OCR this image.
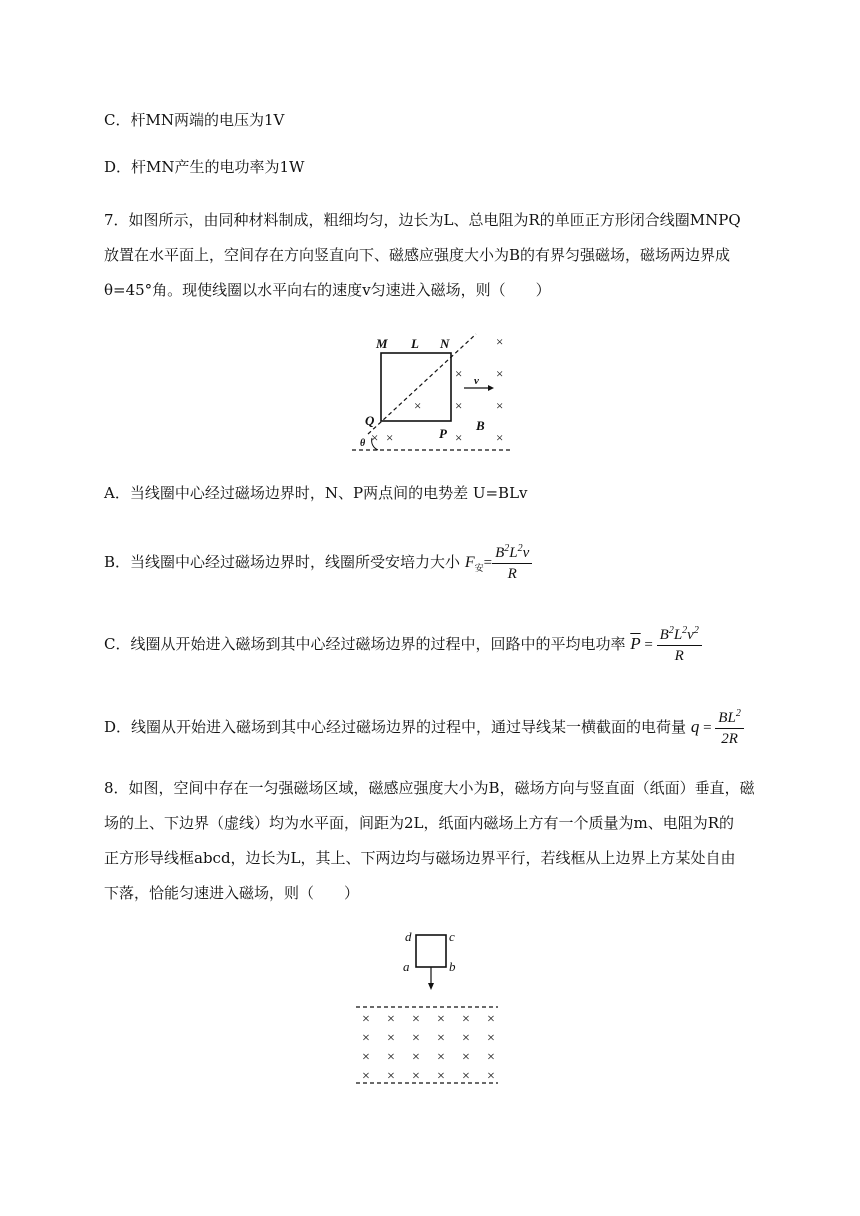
C．杆MN两端的电压为1V
D．杆MN产生的电功率为1W
7．如图所示，由同种材料制成，粗细均匀，边长为L、总电阻为R的单匝正方形闭合线圈MNPQ
放置在水平面上，空间存在方向竖直向下、磁感应强度大小为B的有界匀强磁场，磁场两边界成
θ=45°角。现使线圈以水平向右的速度v匀速进入磁场，则（　　）
×
×
×
×
×
×
×
×
×
×
M L N
Q
P
B
v
θ
A．当线圈中心经过磁场边界时，N、P两点间的电势差 U=BLv
B．当线圈中心经过磁场边界时，线圈所受安培力大小 $F_安= \frac{B^2L^2v}{R}$
C．线圈从开始进入磁场到其中心经过磁场边界的过程中，回路中的平均电功率 $\overline{P} = \frac{B^2L^2v^2}{R}$
D．线圈从开始进入磁场到其中心经过磁场边界的过程中，通过导线某一横截面的电荷量 $q = \frac{BL^2}{2R}$
8．如图，空间中存在一匀强磁场区域，磁感应强度大小为B，磁场方向与竖直面（纸面）垂直，磁
场的上、下边界（虚线）均为水平面，间距为2L，纸面内磁场上方有一个质量为m、电阻为R的
正方形导线框abcd，边长为L，其上、下两边均与磁场边界平行，若线框从上边界上方某处自由
下落，恰能匀速进入磁场，则（　　）
× × × × × ×
× × × × × ×
× × × × × ×
× × × × × ×
d	c
a	b
